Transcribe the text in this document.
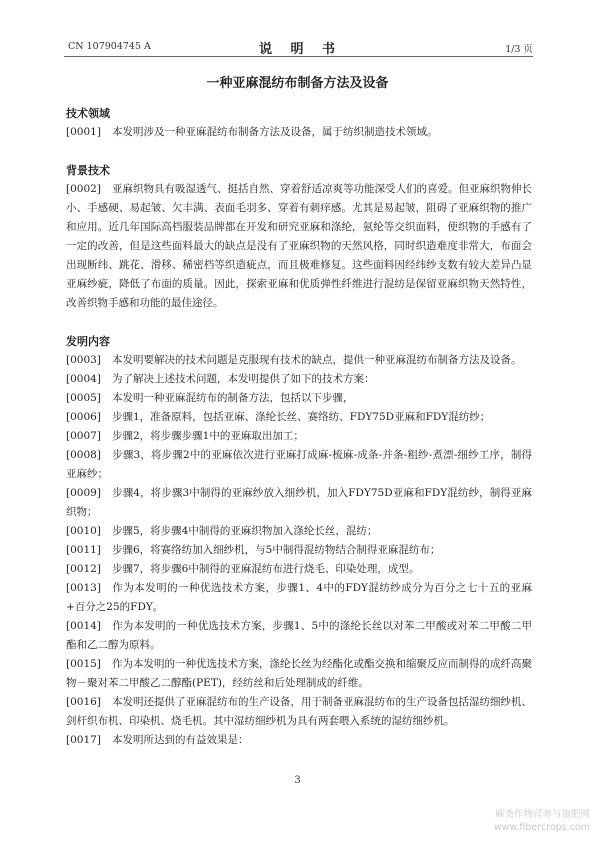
CN 107904745 A	说 明 书	1/3 页
一种亚麻混纺布制备方法及设备
技术领域
[0001] 本发明涉及一种亚麻混纺布制备方法及设备，属于纺织制造技术领域。
背景技术
[0002] 亚麻织物具有吸湿透气、挺括自然、穿着舒适凉爽等功能深受人们的喜爱。但亚麻织物伸长小、手感硬、易起皱、欠丰满、表面毛羽多、穿着有刺痒感。尤其是易起皱，阻碍了亚麻织物的推广和应用。近几年国际高档服装品牌都在开发和研究亚麻和涤纶，氨纶等交织面料，使织物的手感有了一定的改善，但是这些面料最大的缺点是没有了亚麻织物的天然风格，同时织造难度非常大，布面会出现断纬、跳花、滑移、稀密档等织造疵点，而且极难修复。这些面料因经纬纱支数有较大差异凸显亚麻纱疵，降低了布面的质量。因此，探索亚麻和优质弹性纤维进行混纺是保留亚麻织物天然特性，改善织物手感和功能的最佳途径。
发明内容
[0003] 本发明要解决的技术问题是克服现有技术的缺点，提供一种亚麻混纺布制备方法及设备。
[0004] 为了解决上述技术问题，本发明提供了如下的技术方案：
[0005] 本发明一种亚麻混纺布的制备方法，包括以下步骤，
[0006] 步骤1，准备原料，包括亚麻、涤纶长丝、赛络纺、FDY75D亚麻和FDY混纺纱；
[0007] 步骤2，将步骤步骤1中的亚麻取出加工；
[0008] 步骤3，将步骤2中的亚麻依次进行亚麻打成麻-梳麻-成条-并条-粗纱-煮漂-细纱工序，制得亚麻纱；
[0009] 步骤4，将步骤3中制得的亚麻纱放入细纱机，加入FDY75D亚麻和FDY混纺纱，制得亚麻织物；
[0010] 步骤5，将步骤4中制得的亚麻织物加入涤纶长丝，混纺；
[0011] 步骤6，将赛络纺加入细纱机，与5中制得混纺物结合制得亚麻混纺布；
[0012] 步骤7，将步骤6中制得的亚麻混纺布进行烧毛、印染处理，成型。
[0013] 作为本发明的一种优选技术方案，步骤1、4中的FDY混纺纱成分为百分之七十五的亚麻+百分之25的FDY。
[0014] 作为本发明的一种优选技术方案，步骤1、5中的涤纶长丝以对苯二甲酸或对苯二甲酸二甲酯和乙二醇为原料。
[0015] 作为本发明的一种优选技术方案，涤纶长丝为经酯化或酯交换和缩聚反应而制得的成纤高聚物－聚对苯二甲酸乙二醇酯(PET)，经纺丝和后处理制成的纤维。
[0016] 本发明还提供了亚麻混纺布的生产设备，用于制备亚麻混纺布的生产设备包括湿纺细纱机、剑杆织布机、印染机、烧毛机。其中湿纺细纱机为具有两套喂入系统的湿纺细纱机。
[0017] 本发明所达到的有益效果是：
3
麻类作物营养与施肥网
www.fibercrops.com
